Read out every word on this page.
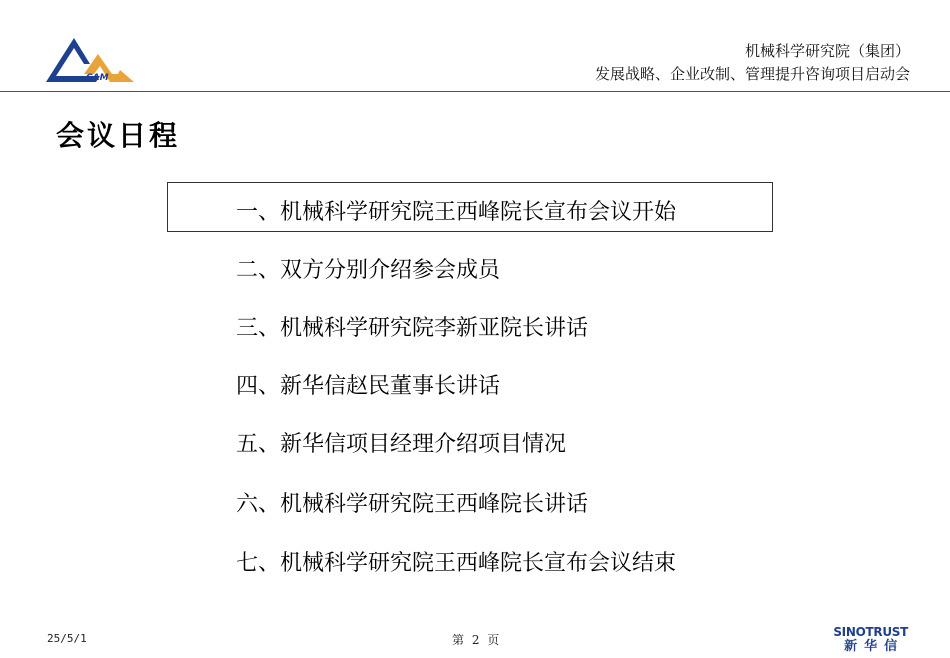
CAM
机械科学研究院（集团）
发展战略、企业改制、管理提升咨询项目启动会
会议日程
一、机械科学研究院王西峰院长宣布会议开始
二、双方分别介绍参会成员
三、机械科学研究院李新亚院长讲话
四、新华信赵民董事长讲话
五、新华信项目经理介绍项目情况
六、机械科学研究院王西峰院长讲话
七、机械科学研究院王西峰院长宣布会议结束
25/5/1	第 2 页
SINOTRUST
新华信
